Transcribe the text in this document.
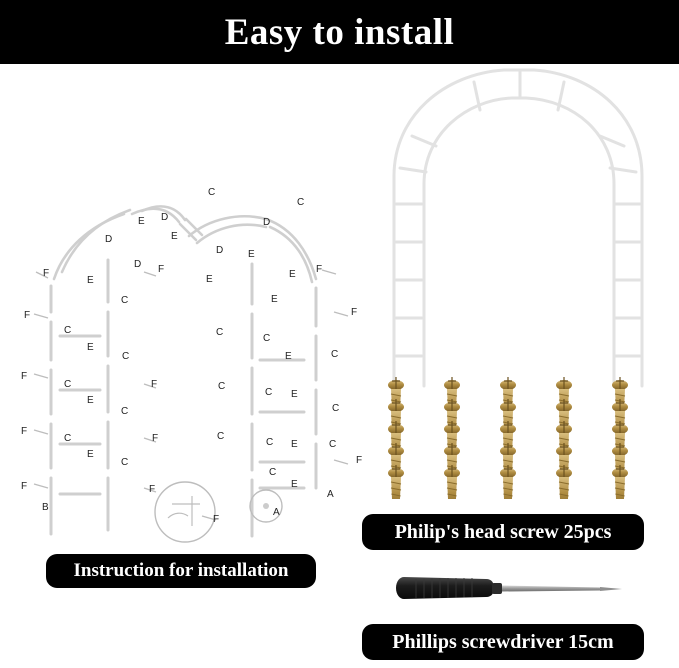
Easy to install
C
C
D	D
D
E
E
D E
D
F	F	F
E	E	E
F
C	E
F
C
E
C
C
E
F
C	C
C
E
C
E
F
C
C
F
C
E
C
C
E
F
C
C
F
C
F
C
E
F	A
B
F
A
Instruction for installation
Philip's head screw 25pcs
Phillips screwdriver 15cm
